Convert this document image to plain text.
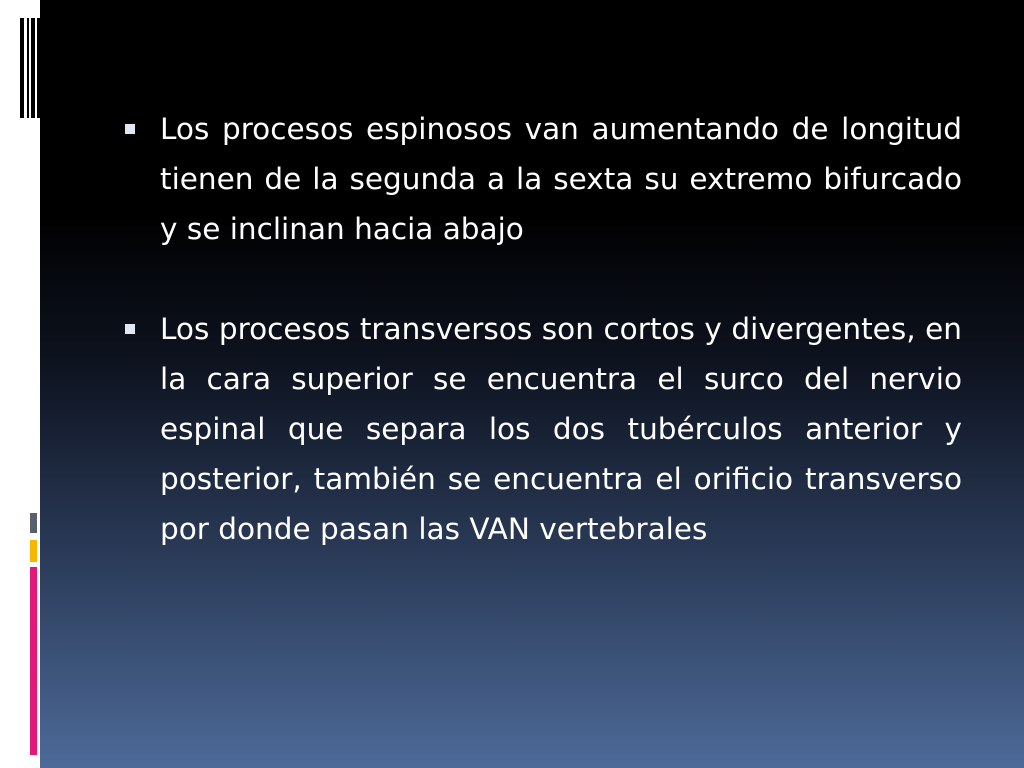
Los procesos espinosos van aumentando de longitud tienen de la segunda a la sexta su extremo bifurcado y se inclinan hacia abajo
Los procesos transversos son cortos y divergentes, en la cara superior se encuentra el surco del nervio espinal que separa los dos tubérculos anterior y posterior, también se encuentra el orificio transverso por donde pasan las VAN vertebrales
